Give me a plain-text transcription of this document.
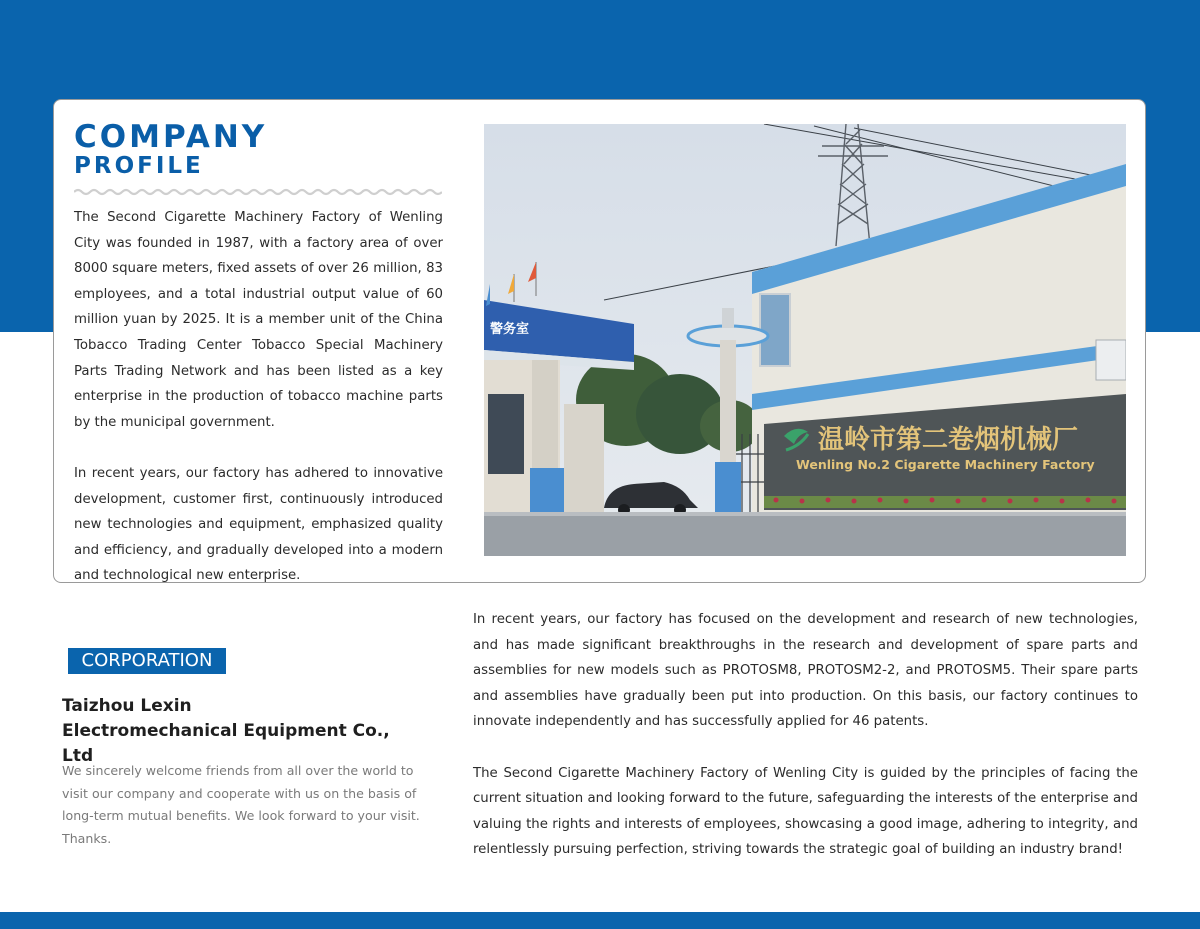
COMPANY
PROFILE

The Second Cigarette Machinery Factory of Wenling City was founded in 1987, with a factory area of over 8000 square meters, fixed assets of over 26 million, 83 employees, and a total industrial output value of 60 million yuan by 2025. It is a member unit of the China Tobacco Trading Center Tobacco Special Machinery Parts Trading Network and has been listed as a key enterprise in the production of tobacco machine parts by the municipal government.

In recent years, our factory has adhered to innovative development, customer first, continuously introduced new technologies and equipment, emphasized quality and efficiency, and gradually developed into a modern and technological new enterprise.

温岭市第二卷烟机械厂
Wenling No.2 Cigarette Machinery Factory
警务室
CORPORATION
Taizhou Lexin
Electromechanical Equipment Co., Ltd

We sincerely welcome friends from all over the world to visit our company and cooperate with us on the basis of long-term mutual benefits. We look forward to your visit. Thanks.

In recent years, our factory has focused on the development and research of new technologies, and has made significant breakthroughs in the research and development of spare parts and assemblies for new models such as PROTOSM8, PROTOSM2-2, and PROTOSM5. Their spare parts and assemblies have gradually been put into production. On this basis, our factory continues to innovate independently and has successfully applied for 46 patents.

The Second Cigarette Machinery Factory of Wenling City is guided by the principles of facing the current situation and looking forward to the future, safeguarding the interests of the enterprise and valuing the rights and interests of employees, showcasing a good image, adhering to integrity, and relentlessly pursuing perfection, striving towards the strategic goal of building an industry brand!
